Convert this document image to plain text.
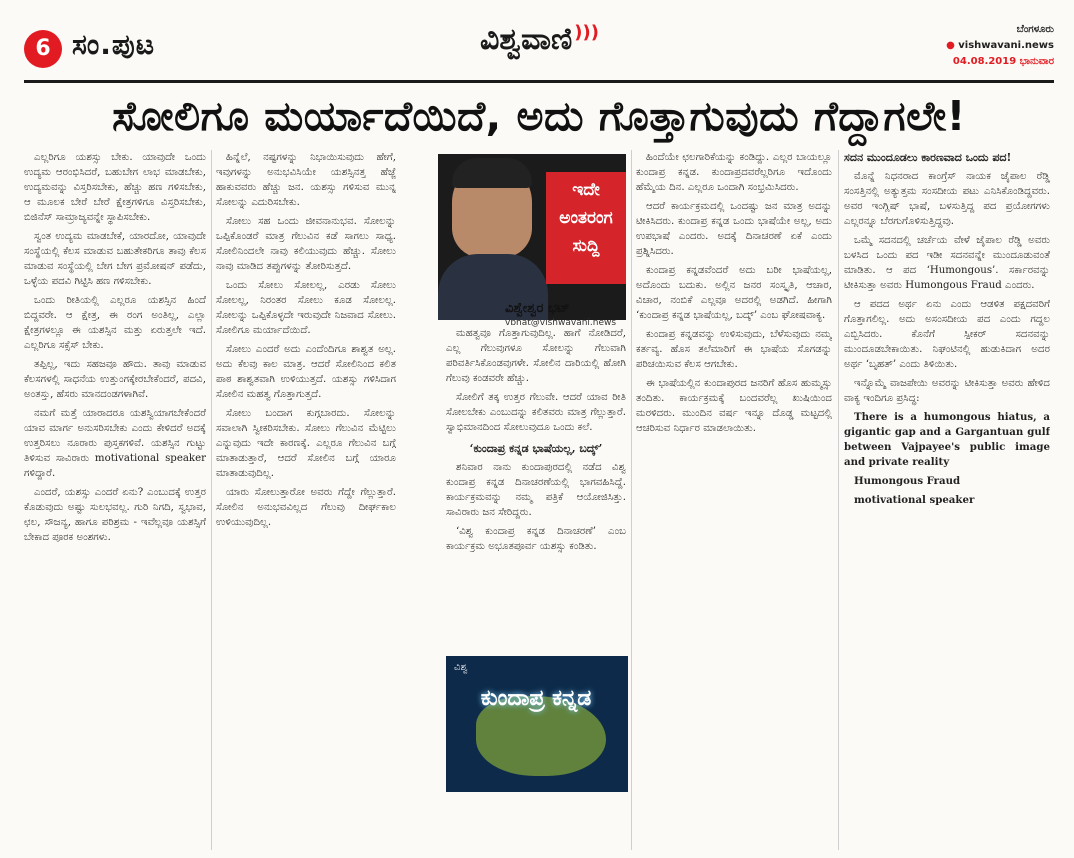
6 ಸಂ.ಪುಟ	ವಿಶ್ವವಾಣಿ )))	ಬೆಂಗಳೂರು
● vishwavani.news
04.08.2019 ಭಾನುವಾರ
ಸೋಲಿಗೂ ಮರ್ಯಾದೆಯಿದೆ, ಅದು ಗೊತ್ತಾಗುವುದು ಗೆದ್ದಾಗಲೇ!

ಎಲ್ಲರಿಗೂ ಯಶಸ್ಸು ಬೇಕು. ಯಾವುದೇ ಒಂದು ಉದ್ಯಮ ಆರಂಭಿಸಿದರೆ, ಬಹುಬೇಗ ಲಾಭ ಮಾಡಬೇಕು, ಉದ್ಯಮವನ್ನು ವಿಸ್ತರಿಸಬೇಕು, ಹೆಚ್ಚು ಹಣ ಗಳಿಸಬೇಕು, ಆ ಮೂಲಕ ಬೇರೆ ಬೇರೆ ಕ್ಷೇತ್ರಗಳಿಗೂ ವಿಸ್ತರಿಸಬೇಕು, ಬಿಜಿನೆಸ್ ಸಾಮ್ರಾಜ್ಯವನ್ನೇ ಸ್ಥಾಪಿಸಬೇಕು.

ಸ್ವಂತ ಉದ್ಯಮ ಮಾಡಬೇಕೆ, ಯಾರದೋ, ಯಾವುದೇ ಸಂಸ್ಥೆಯಲ್ಲಿ ಕೆಲಸ ಮಾಡುವ ಬಹುತೇಕರಿಗೂ ತಾವು ಕೆಲಸ ಮಾಡುವ ಸಂಸ್ಥೆಯಲ್ಲಿ ಬೇಗ ಬೇಗ ಪ್ರಮೋಷನ್ ಪಡೆದು, ಒಳ್ಳೆಯ ಪದವಿ ಗಿಟ್ಟಿಸಿ ಹಣ ಗಳಿಸಬೇಕು.

ಒಂದು ರೀತಿಯಲ್ಲಿ ಎಲ್ಲರೂ ಯಶಸ್ಸಿನ ಹಿಂದೆ ಬಿದ್ದವರೇ. ಆ ಕ್ಷೇತ್ರ, ಈ ರಂಗ ಅಂತಿಲ್ಲ, ಎಲ್ಲಾ ಕ್ಷೇತ್ರಗಳಲ್ಲೂ ಈ ಯಶಸ್ಸಿನ ಮತ್ತು ಏರುತ್ತಲೇ ಇದೆ. ಎಲ್ಲರಿಗೂ ಸಕ್ಸೆಸ್ ಬೇಕು.

ತಪ್ಪಿಲ್ಲ, ಇದು ಸಹಜವೂ ಹೌದು. ತಾವು ಮಾಡುವ ಕೆಲಸಗಳಲ್ಲಿ ಸಾಧನೆಯ ಉತ್ತುಂಗಕ್ಕೇರಬೇಕೆಂದರೆ, ಪದವಿ, ಅಂತಸ್ತು, ಹೆಸರು ಮಾನದಂಡಗಳಾಗಿವೆ.

ನಮಗೆ ಮತ್ತೆ ಯಾರಾದರೂ ಯಶಸ್ವಿಯಾಗಬೇಕೆಂದರೆ ಯಾವ ಮಾರ್ಗ ಅನುಸರಿಸಬೇಕು ಎಂದು ಕೇಳಿದರೆ ಅದಕ್ಕೆ ಉತ್ತರಿಸಲು ನೂರಾರು ಪುಸ್ತಕಗಳಿವೆ. ಯಶಸ್ಸಿನ ಗುಟ್ಟು ತಿಳಿಸುವ ಸಾವಿರಾರು motivational speaker ಗಳಿದ್ದಾರೆ.

ಎಂದರೆ, ಯಶಸ್ಸು ಎಂದರೆ ಏನು? ಎಂಬುದಕ್ಕೆ ಉತ್ತರ ಕೊಡುವುದು ಅಷ್ಟು ಸುಲಭವಲ್ಲ. ಗುರಿ ನಿಗದಿ, ಸ್ವಭಾವ, ಛಲ, ಸೌಜನ್ಯ, ಹಾಗೂ ಪರಿಶ್ರಮ - ಇವೆಲ್ಲವೂ ಯಶಸ್ಸಿಗೆ ಬೇಕಾದ ಪೂರಕ ಅಂಶಗಳು.

ಹಿನ್ನೆಲೆ, ನಷ್ಟಗಳನ್ನು ನಿಭಾಯಿಸುವುದು ಹೇಗೆ, ಇವುಗಳನ್ನು ಅನುಭವಿಸಿಯೇ ಯಶಸ್ಸಿನತ್ತ ಹೆಜ್ಜೆ ಹಾಕುವವರು ಹೆಚ್ಚು ಜನ. ಯಶಸ್ಸು ಗಳಿಸುವ ಮುನ್ನ ಸೋಲನ್ನು ಎದುರಿಸಬೇಕು.

ಸೋಲು ಸಹ ಒಂದು ಜೀವನಾನುಭವ. ಸೋಲನ್ನು ಒಪ್ಪಿಕೊಂಡರೆ ಮಾತ್ರ ಗೆಲುವಿನ ಕಡೆ ಸಾಗಲು ಸಾಧ್ಯ. ಸೋಲಿನಿಂದಲೇ ನಾವು ಕಲಿಯುವುದು ಹೆಚ್ಚು. ಸೋಲು ನಾವು ಮಾಡಿದ ತಪ್ಪುಗಳನ್ನು ತೋರಿಸುತ್ತದೆ.

ಒಂದು ಸೋಲು ಸೋಲಲ್ಲ, ಎರಡು ಸೋಲು ಸೋಲಲ್ಲ, ನಿರಂತರ ಸೋಲು ಕೂಡ ಸೋಲಲ್ಲ. ಸೋಲನ್ನು ಒಪ್ಪಿಕೊಳ್ಳದೇ ಇರುವುದೇ ನಿಜವಾದ ಸೋಲು. ಸೋಲಿಗೂ ಮರ್ಯಾದೆಯಿದೆ.

ಸೋಲು ಎಂದರೆ ಅದು ಎಂದೆಂದಿಗೂ ಶಾಶ್ವತ ಅಲ್ಲ. ಅದು ಕೆಲವು ಕಾಲ ಮಾತ್ರ. ಆದರೆ ಸೋಲಿನಿಂದ ಕಲಿತ ಪಾಠ ಶಾಶ್ವತವಾಗಿ ಉಳಿಯುತ್ತದೆ. ಯಶಸ್ಸು ಗಳಿಸಿದಾಗ ಸೋಲಿನ ಮಹತ್ವ ಗೊತ್ತಾಗುತ್ತದೆ.

ಸೋಲು ಬಂದಾಗ ಕುಗ್ಗಬಾರದು. ಸೋಲನ್ನು ಸವಾಲಾಗಿ ಸ್ವೀಕರಿಸಬೇಕು. ಸೋಲು ಗೆಲುವಿನ ಮೆಟ್ಟಿಲು ಎನ್ನುವುದು ಇದೇ ಕಾರಣಕ್ಕೆ. ಎಲ್ಲರೂ ಗೆಲುವಿನ ಬಗ್ಗೆ ಮಾತಾಡುತ್ತಾರೆ, ಆದರೆ ಸೋಲಿನ ಬಗ್ಗೆ ಯಾರೂ ಮಾತಾಡುವುದಿಲ್ಲ.

ಯಾರು ಸೋಲುತ್ತಾರೋ ಅವರು ಗೆದ್ದೇ ಗೆಲ್ಲುತ್ತಾರೆ. ಸೋಲಿನ ಅನುಭವವಿಲ್ಲದ ಗೆಲುವು ದೀರ್ಘಕಾಲ ಉಳಿಯುವುದಿಲ್ಲ.

ಇದೇ
ಅಂತರಂಗ
ಸುದ್ದಿ
ವಿಶ್ವೇಶ್ವರ ಭಟ್
vbhat@vishwavani.news

ಮಹತ್ವವೂ ಗೊತ್ತಾಗುವುದಿಲ್ಲ. ಹಾಗೆ ನೋಡಿದರೆ, ಎಲ್ಲ ಗೆಲುವುಗಳೂ ಸೋಲನ್ನು ಗೆಲುವಾಗಿ ಪರಿವರ್ತಿಸಿಕೊಂಡವುಗಳೇ. ಸೋಲಿನ ದಾರಿಯಲ್ಲಿ ಹೋಗಿ ಗೆಲುವು ಕಂಡವರೇ ಹೆಚ್ಚು.

ಸೋಲಿಗೆ ತಕ್ಕ ಉತ್ತರ ಗೆಲುವೇ. ಆದರೆ ಯಾವ ರೀತಿ ಸೋಲಬೇಕು ಎಂಬುದನ್ನು ಕಲಿತವರು ಮಾತ್ರ ಗೆಲ್ಲುತ್ತಾರೆ. ಸ್ವಾಭಿಮಾನದಿಂದ ಸೋಲುವುದೂ ಒಂದು ಕಲೆ.

‘ಕುಂದಾಪ್ರ ಕನ್ನಡ ಭಾಷೆಯಲ್ಲ, ಬದ್ಕ್’

ಶನಿವಾರ ನಾನು ಕುಂದಾಪುರದಲ್ಲಿ ನಡೆದ ವಿಶ್ವ ಕುಂದಾಪ್ರ ಕನ್ನಡ ದಿನಾಚರಣೆಯಲ್ಲಿ ಭಾಗವಹಿಸಿದ್ದೆ. ಕಾರ್ಯಕ್ರಮವನ್ನು ನಮ್ಮ ಪತ್ರಿಕೆ ಆಯೋಜಿಸಿತ್ತು. ಸಾವಿರಾರು ಜನ ಸೇರಿದ್ದರು.

‘ವಿಶ್ವ ಕುಂದಾಪ್ರ ಕನ್ನಡ ದಿನಾಚರಣೆ’ ಎಂಬ ಕಾರ್ಯಕ್ರಮ ಅಭೂತಪೂರ್ವ ಯಶಸ್ಸು ಕಂಡಿತು.

ವಿಶ್ವ
ಕುಂದಾಪ್ರ ಕನ್ನಡ

ಹಿಂದೆಯೇ ಛಲಗಾರಿಕೆಯನ್ನು ಕಂಡಿದ್ದು. ಎಲ್ಲರ ಬಾಯಲ್ಲೂ ಕುಂದಾಪ್ರ ಕನ್ನಡ. ಕುಂದಾಪ್ರದವರೆಲ್ಲರಿಗೂ ಇದೊಂದು ಹೆಮ್ಮೆಯ ದಿನ. ಎಲ್ಲರೂ ಒಂದಾಗಿ ಸಂಭ್ರಮಿಸಿದರು.

ಆದರೆ ಕಾರ್ಯಕ್ರಮದಲ್ಲಿ ಒಂದಷ್ಟು ಜನ ಮಾತ್ರ ಅದನ್ನು ಟೀಕಿಸಿದರು. ಕುಂದಾಪ್ರ ಕನ್ನಡ ಒಂದು ಭಾಷೆಯೇ ಅಲ್ಲ, ಅದು ಉಪಭಾಷೆ ಎಂದರು. ಅದಕ್ಕೆ ದಿನಾಚರಣೆ ಏಕೆ ಎಂದು ಪ್ರಶ್ನಿಸಿದರು.

ಕುಂದಾಪ್ರ ಕನ್ನಡವೆಂದರೆ ಅದು ಬರೀ ಭಾಷೆಯಲ್ಲ, ಅದೊಂದು ಬದುಕು. ಅಲ್ಲಿನ ಜನರ ಸಂಸ್ಕೃತಿ, ಆಚಾರ, ವಿಚಾರ, ನಂಬಿಕೆ ಎಲ್ಲವೂ ಅದರಲ್ಲಿ ಅಡಗಿದೆ. ಹೀಗಾಗಿ ‘ಕುಂದಾಪ್ರ ಕನ್ನಡ ಭಾಷೆಯಲ್ಲ, ಬದ್ಕ್’ ಎಂಬ ಘೋಷವಾಕ್ಯ.

ಕುಂದಾಪ್ರ ಕನ್ನಡವನ್ನು ಉಳಿಸುವುದು, ಬೆಳೆಸುವುದು ನಮ್ಮ ಕರ್ತವ್ಯ. ಹೊಸ ತಲೆಮಾರಿಗೆ ಈ ಭಾಷೆಯ ಸೊಗಡನ್ನು ಪರಿಚಯಿಸುವ ಕೆಲಸ ಆಗಬೇಕು.

ಈ ಭಾಷೆಯಲ್ಲಿನ ಕುಂದಾಪುರದ ಜನರಿಗೆ ಹೊಸ ಹುಮ್ಮಸ್ಸು ತಂದಿತು. ಕಾರ್ಯಕ್ರಮಕ್ಕೆ ಬಂದವರೆಲ್ಲ ಖುಷಿಯಿಂದ ಮರಳಿದರು. ಮುಂದಿನ ವರ್ಷ ಇನ್ನೂ ದೊಡ್ಡ ಮಟ್ಟದಲ್ಲಿ ಆಚರಿಸುವ ನಿರ್ಧಾರ ಮಾಡಲಾಯಿತು.

ಸದನ ಮುಂದೂಡಲು ಕಾರಣವಾದ ಒಂದು ಪದ!

ಮೊನ್ನೆ ನಿಧನರಾದ ಕಾಂಗ್ರೆಸ್ ನಾಯಕ ಜೈಪಾಲ ರೆಡ್ಡಿ ಸಂಸತ್ತಿನಲ್ಲಿ ಅತ್ಯುತ್ತಮ ಸಂಸದೀಯ ಪಟು ಎನಿಸಿಕೊಂಡಿದ್ದವರು. ಅವರ ಇಂಗ್ಲಿಷ್ ಭಾಷೆ, ಬಳಸುತ್ತಿದ್ದ ಪದ ಪ್ರಯೋಗಗಳು ಎಲ್ಲರನ್ನೂ ಬೆರಗುಗೊಳಿಸುತ್ತಿದ್ದವು.

ಒಮ್ಮೆ ಸದನದಲ್ಲಿ ಚರ್ಚೆಯ ವೇಳೆ ಜೈಪಾಲ ರೆಡ್ಡಿ ಅವರು ಬಳಸಿದ ಒಂದು ಪದ ಇಡೀ ಸದನವನ್ನೇ ಮುಂದೂಡುವಂತೆ ಮಾಡಿತು. ಆ ಪದ ‘Humongous’. ಸರ್ಕಾರವನ್ನು ಟೀಕಿಸುತ್ತಾ ಅವರು Humongous Fraud ಎಂದರು.

ಆ ಪದದ ಅರ್ಥ ಏನು ಎಂದು ಆಡಳಿತ ಪಕ್ಷದವರಿಗೆ ಗೊತ್ತಾಗಲಿಲ್ಲ. ಅದು ಅಸಂಸದೀಯ ಪದ ಎಂದು ಗದ್ದಲ ಎಬ್ಬಿಸಿದರು. ಕೊನೆಗೆ ಸ್ಪೀಕರ್ ಸದನವನ್ನು ಮುಂದೂಡಬೇಕಾಯಿತು. ನಿಘಂಟಿನಲ್ಲಿ ಹುಡುಕಿದಾಗ ಅದರ ಅರ್ಥ ‘ಬೃಹತ್’ ಎಂದು ತಿಳಿಯಿತು.

ಇನ್ನೊಮ್ಮೆ ವಾಜಪೇಯಿ ಅವರನ್ನು ಟೀಕಿಸುತ್ತಾ ಅವರು ಹೇಳಿದ ವಾಕ್ಯ ಇಂದಿಗೂ ಪ್ರಸಿದ್ಧ:

There is a humongous hiatus, a gigantic gap and a Gargantuan gulf between Vajpayee's public image and private reality

Humongous Fraud

motivational speaker
